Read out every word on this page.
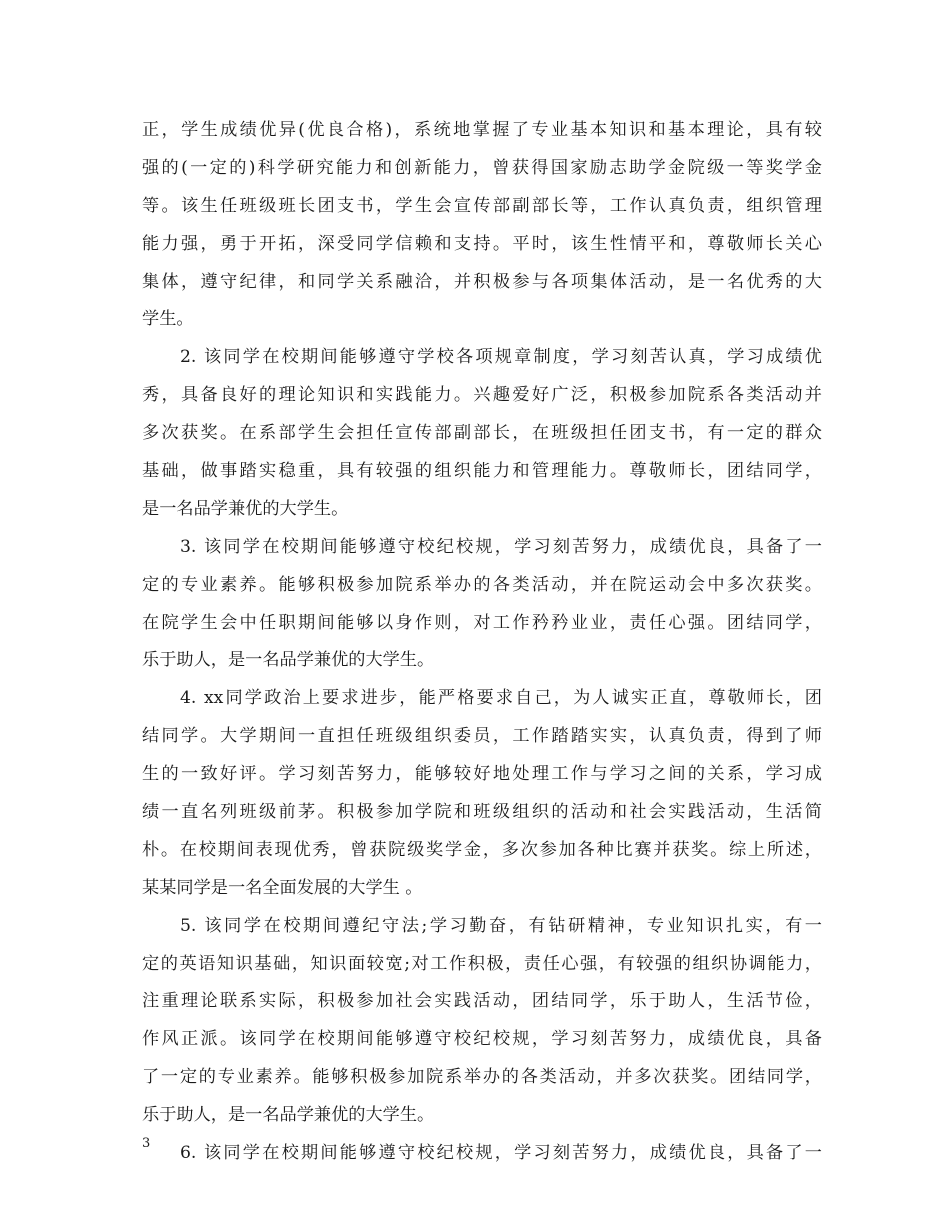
正，学生成绩优异(优良合格)，系统地掌握了专业基本知识和基本理论，具有较
强的(一定的)科学研究能力和创新能力，曾获得国家励志助学金院级一等奖学金
等。该生任班级班长团支书，学生会宣传部副部长等，工作认真负责，组织管理
能力强，勇于开拓，深受同学信赖和支持。平时，该生性情平和，尊敬师长关心
集体，遵守纪律，和同学关系融洽，并积极参与各项集体活动，是一名优秀的大
学生。
2. 该同学在校期间能够遵守学校各项规章制度，学习刻苦认真，学习成绩优
秀，具备良好的理论知识和实践能力。兴趣爱好广泛，积极参加院系各类活动并
多次获奖。在系部学生会担任宣传部副部长，在班级担任团支书，有一定的群众
基础，做事踏实稳重，具有较强的组织能力和管理能力。尊敬师长，团结同学，
是一名品学兼优的大学生。
3. 该同学在校期间能够遵守校纪校规，学习刻苦努力，成绩优良，具备了一
定的专业素养。能够积极参加院系举办的各类活动，并在院运动会中多次获奖。
在院学生会中任职期间能够以身作则，对工作矜矜业业，责任心强。团结同学，
乐于助人，是一名品学兼优的大学生。
4. xx同学政治上要求进步，能严格要求自己，为人诚实正直，尊敬师长，团
结同学。大学期间一直担任班级组织委员，工作踏踏实实，认真负责，得到了师
生的一致好评。学习刻苦努力，能够较好地处理工作与学习之间的关系，学习成
绩一直名列班级前茅。积极参加学院和班级组织的活动和社会实践活动，生活简
朴。在校期间表现优秀，曾获院级奖学金，多次参加各种比赛并获奖。综上所述，
某某同学是一名全面发展的大学生 。
5. 该同学在校期间遵纪守法;学习勤奋，有钻研精神，专业知识扎实，有一
定的英语知识基础，知识面较宽;对工作积极，责任心强，有较强的组织协调能力，
注重理论联系实际，积极参加社会实践活动，团结同学，乐于助人，生活节俭，
作风正派。该同学在校期间能够遵守校纪校规，学习刻苦努力，成绩优良，具备
了一定的专业素养。能够积极参加院系举办的各类活动，并多次获奖。团结同学，
乐于助人，是一名品学兼优的大学生。
6. 该同学在校期间能够遵守校纪校规，学习刻苦努力，成绩优良，具备了一
3
